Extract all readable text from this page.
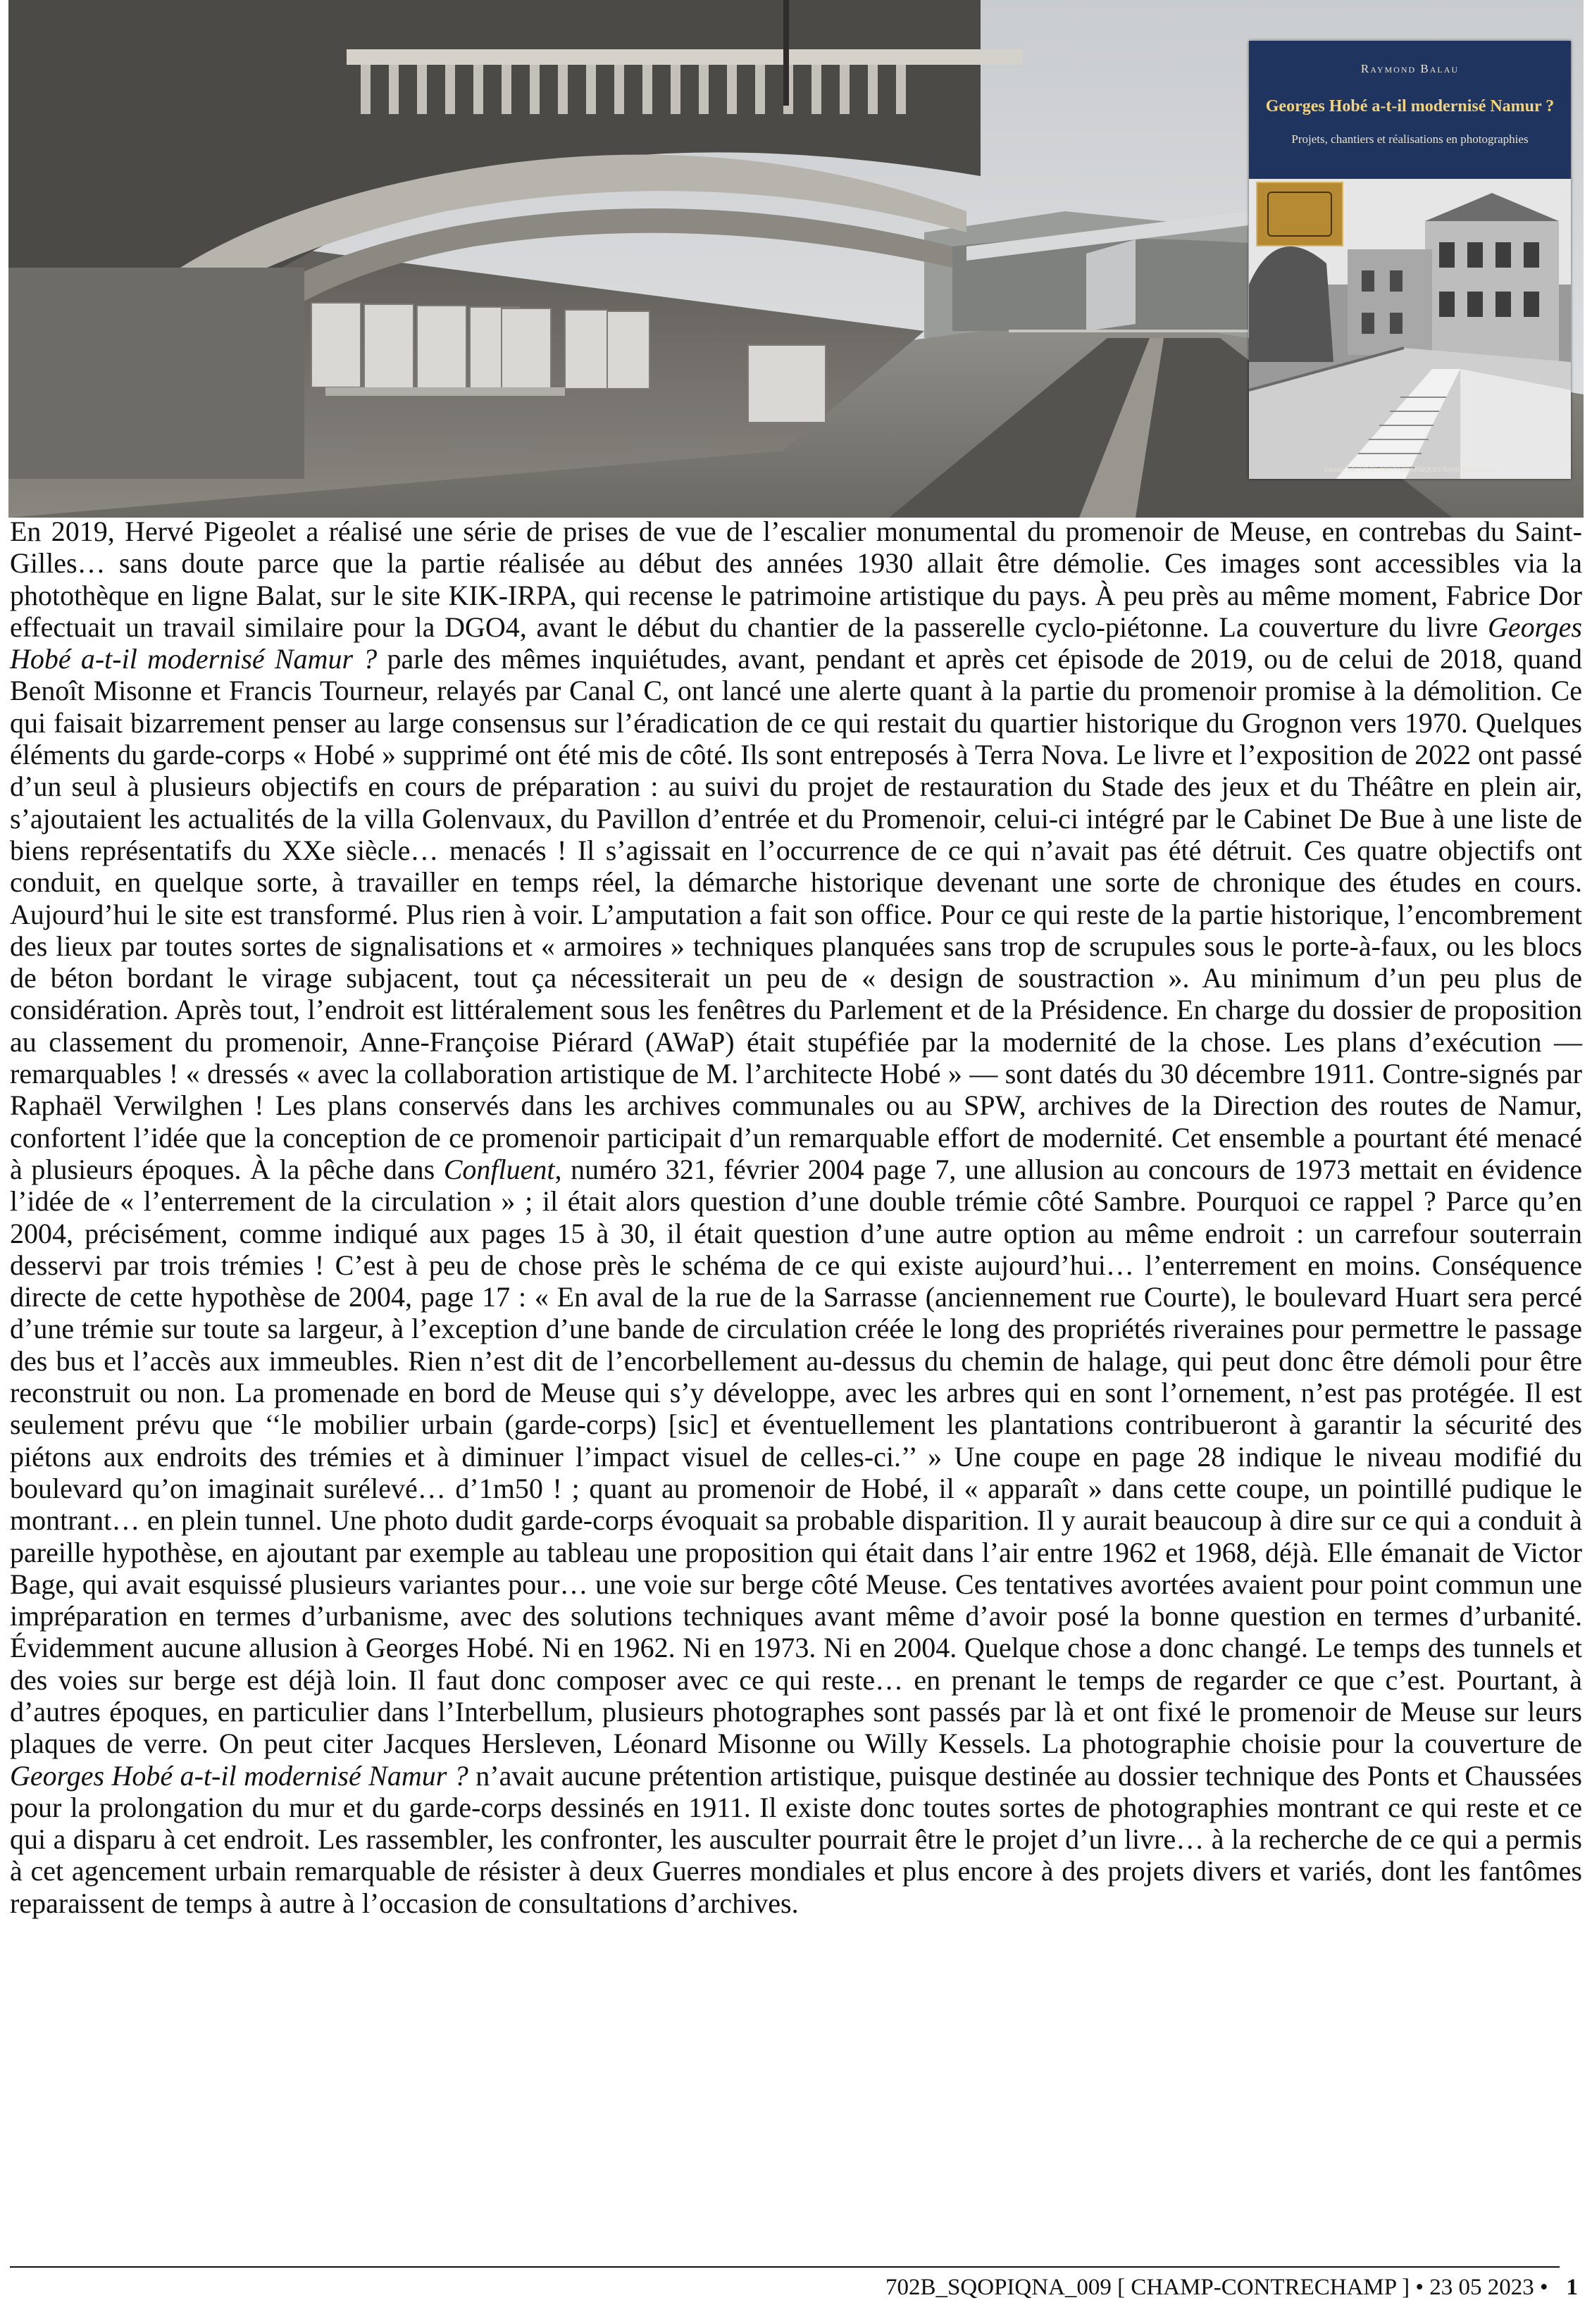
Raymond Balau
Georges Hobé a-t-il modernisé Namur ?
Projets, chantiers et réalisations en photographies
Éditions ARCHIVES PHOTOGRAPHIQUES NAMUROISES asbl

En 2019, Hervé Pigeolet a réalisé une série de prises de vue de l’escalier monumental du promenoir de Meuse, en contrebas du Saint-Gilles… sans doute parce que la partie réalisée au début des années 1930 allait être démolie. Ces images sont accessibles via la photothèque en ligne Balat, sur le site KIK-IRPA, qui recense le patrimoine artistique du pays. À peu près au même moment, Fabrice Dor effectuait un travail similaire pour la DGO4, avant le début du chantier de la passerelle cyclo-piétonne. La couverture du livre Georges Hobé a-t-il modernisé Namur ? parle des mêmes inquiétudes, avant, pendant et après cet épisode de 2019, ou de celui de 2018, quand Benoît Misonne et Francis Tourneur, relayés par Canal C, ont lancé une alerte quant à la partie du promenoir promise à la démolition. Ce qui faisait bizarrement penser au large consensus sur l’éradication de ce qui restait du quartier historique du Grognon vers 1970. Quelques éléments du garde-corps « Hobé » supprimé ont été mis de côté. Ils sont entreposés à Terra Nova. Le livre et l’exposition de 2022 ont passé d’un seul à plusieurs objectifs en cours de préparation : au suivi du projet de restauration du Stade des jeux et du Théâtre en plein air, s’ajoutaient les actualités de la villa Golenvaux, du Pavillon d’entrée et du Promenoir, celui-ci intégré par le Cabinet De Bue à une liste de biens représentatifs du XXe siècle… menacés ! Il s’agissait en l’occurrence de ce qui n’avait pas été détruit. Ces quatre objectifs ont conduit, en quelque sorte, à travailler en temps réel, la démarche historique devenant une sorte de chronique des études en cours. Aujourd’hui le site est transformé. Plus rien à voir. L’amputation a fait son office. Pour ce qui reste de la partie historique, l’encombrement des lieux par toutes sortes de signalisations et « armoires » techniques planquées sans trop de scrupules sous le porte-à-faux, ou les blocs de béton bordant le virage subjacent, tout ça nécessiterait un peu de « design de soustraction ». Au minimum d’un peu plus de considération. Après tout, l’endroit est littéralement sous les fenêtres du Parlement et de la Présidence. En charge du dossier de proposition au classement du promenoir, Anne-Françoise Piérard (AWaP) était stupéfiée par la modernité de la chose. Les plans d’exécution — remarquables ! « dressés « avec la collaboration artistique de M. l’architecte Hobé » — sont datés du 30 décembre 1911. Contre-signés par Raphaël Verwilghen ! Les plans conservés dans les archives communales ou au SPW, archives de la Direction des routes de Namur, confortent l’idée que la conception de ce promenoir participait d’un remarquable effort de modernité. Cet ensemble a pourtant été menacé à plusieurs époques. À la pêche dans Confluent, numéro 321, février 2004 page 7, une allusion au concours de 1973 mettait en évidence l’idée de « l’enterrement de la circulation » ; il était alors question d’une double trémie côté Sambre. Pourquoi ce rappel ? Parce qu’en 2004, précisément, comme indiqué aux pages 15 à 30, il était question d’une autre option au même endroit : un carrefour souterrain desservi par trois trémies ! C’est à peu de chose près le schéma de ce qui existe aujourd’hui… l’enterrement en moins. Conséquence directe de cette hypothèse de 2004, page 17 : « En aval de la rue de la Sarrasse (anciennement rue Courte), le boulevard Huart sera percé d’une trémie sur toute sa largeur, à l’exception d’une bande de circulation créée le long des propriétés riveraines pour permettre le passage des bus et l’accès aux immeubles. Rien n’est dit de l’encorbellement au-dessus du chemin de halage, qui peut donc être démoli pour être reconstruit ou non. La promenade en bord de Meuse qui s’y développe, avec les arbres qui en sont l’ornement, n’est pas protégée. Il est seulement prévu que ‘‘le mobilier urbain (garde-corps) [sic] et éventuellement les plantations contribueront à garantir la sécurité des piétons aux endroits des trémies et à diminuer l’impact visuel de celles-ci.’’ » Une coupe en page 28 indique le niveau modifié du boulevard qu’on imaginait surélevé… d’1m50 ! ; quant au promenoir de Hobé, il « apparaît » dans cette coupe, un pointillé pudique le montrant… en plein tunnel. Une photo dudit garde-corps évoquait sa probable disparition. Il y aurait beaucoup à dire sur ce qui a conduit à pareille hypothèse, en ajoutant par exemple au tableau une proposition qui était dans l’air entre 1962 et 1968, déjà. Elle émanait de Victor Bage, qui avait esquissé plusieurs variantes pour… une voie sur berge côté Meuse. Ces tentatives avortées avaient pour point commun une impréparation en termes d’urbanisme, avec des solutions techniques avant même d’avoir posé la bonne question en termes d’urbanité. Évidemment aucune allusion à Georges Hobé. Ni en 1962. Ni en 1973. Ni en 2004. Quelque chose a donc changé. Le temps des tunnels et des voies sur berge est déjà loin. Il faut donc composer avec ce qui reste… en prenant le temps de regarder ce que c’est. Pourtant, à d’autres époques, en particulier dans l’Interbellum, plusieurs photographes sont passés par là et ont fixé le promenoir de Meuse sur leurs plaques de verre. On peut citer Jacques Hersleven, Léonard Misonne ou Willy Kessels. La photographie choisie pour la couverture de Georges Hobé a-t-il modernisé Namur ? n’avait aucune prétention artistique, puisque destinée au dossier technique des Ponts et Chaussées pour la prolongation du mur et du garde-corps dessinés en 1911. Il existe donc toutes sortes de photographies montrant ce qui reste et ce qui a disparu à cet endroit. Les rassembler, les confronter, les ausculter pourrait être le projet d’un livre… à la recherche de ce qui a permis à cet agencement urbain remarquable de résister à deux Guerres mondiales et plus encore à des projets divers et variés, dont les fantômes reparaissent de temps à autre à l’occasion de consultations d’archives.

702B_SQOPIQNA_009 [ CHAMP-CONTRECHAMP ] • 23 05 2023 • 1
